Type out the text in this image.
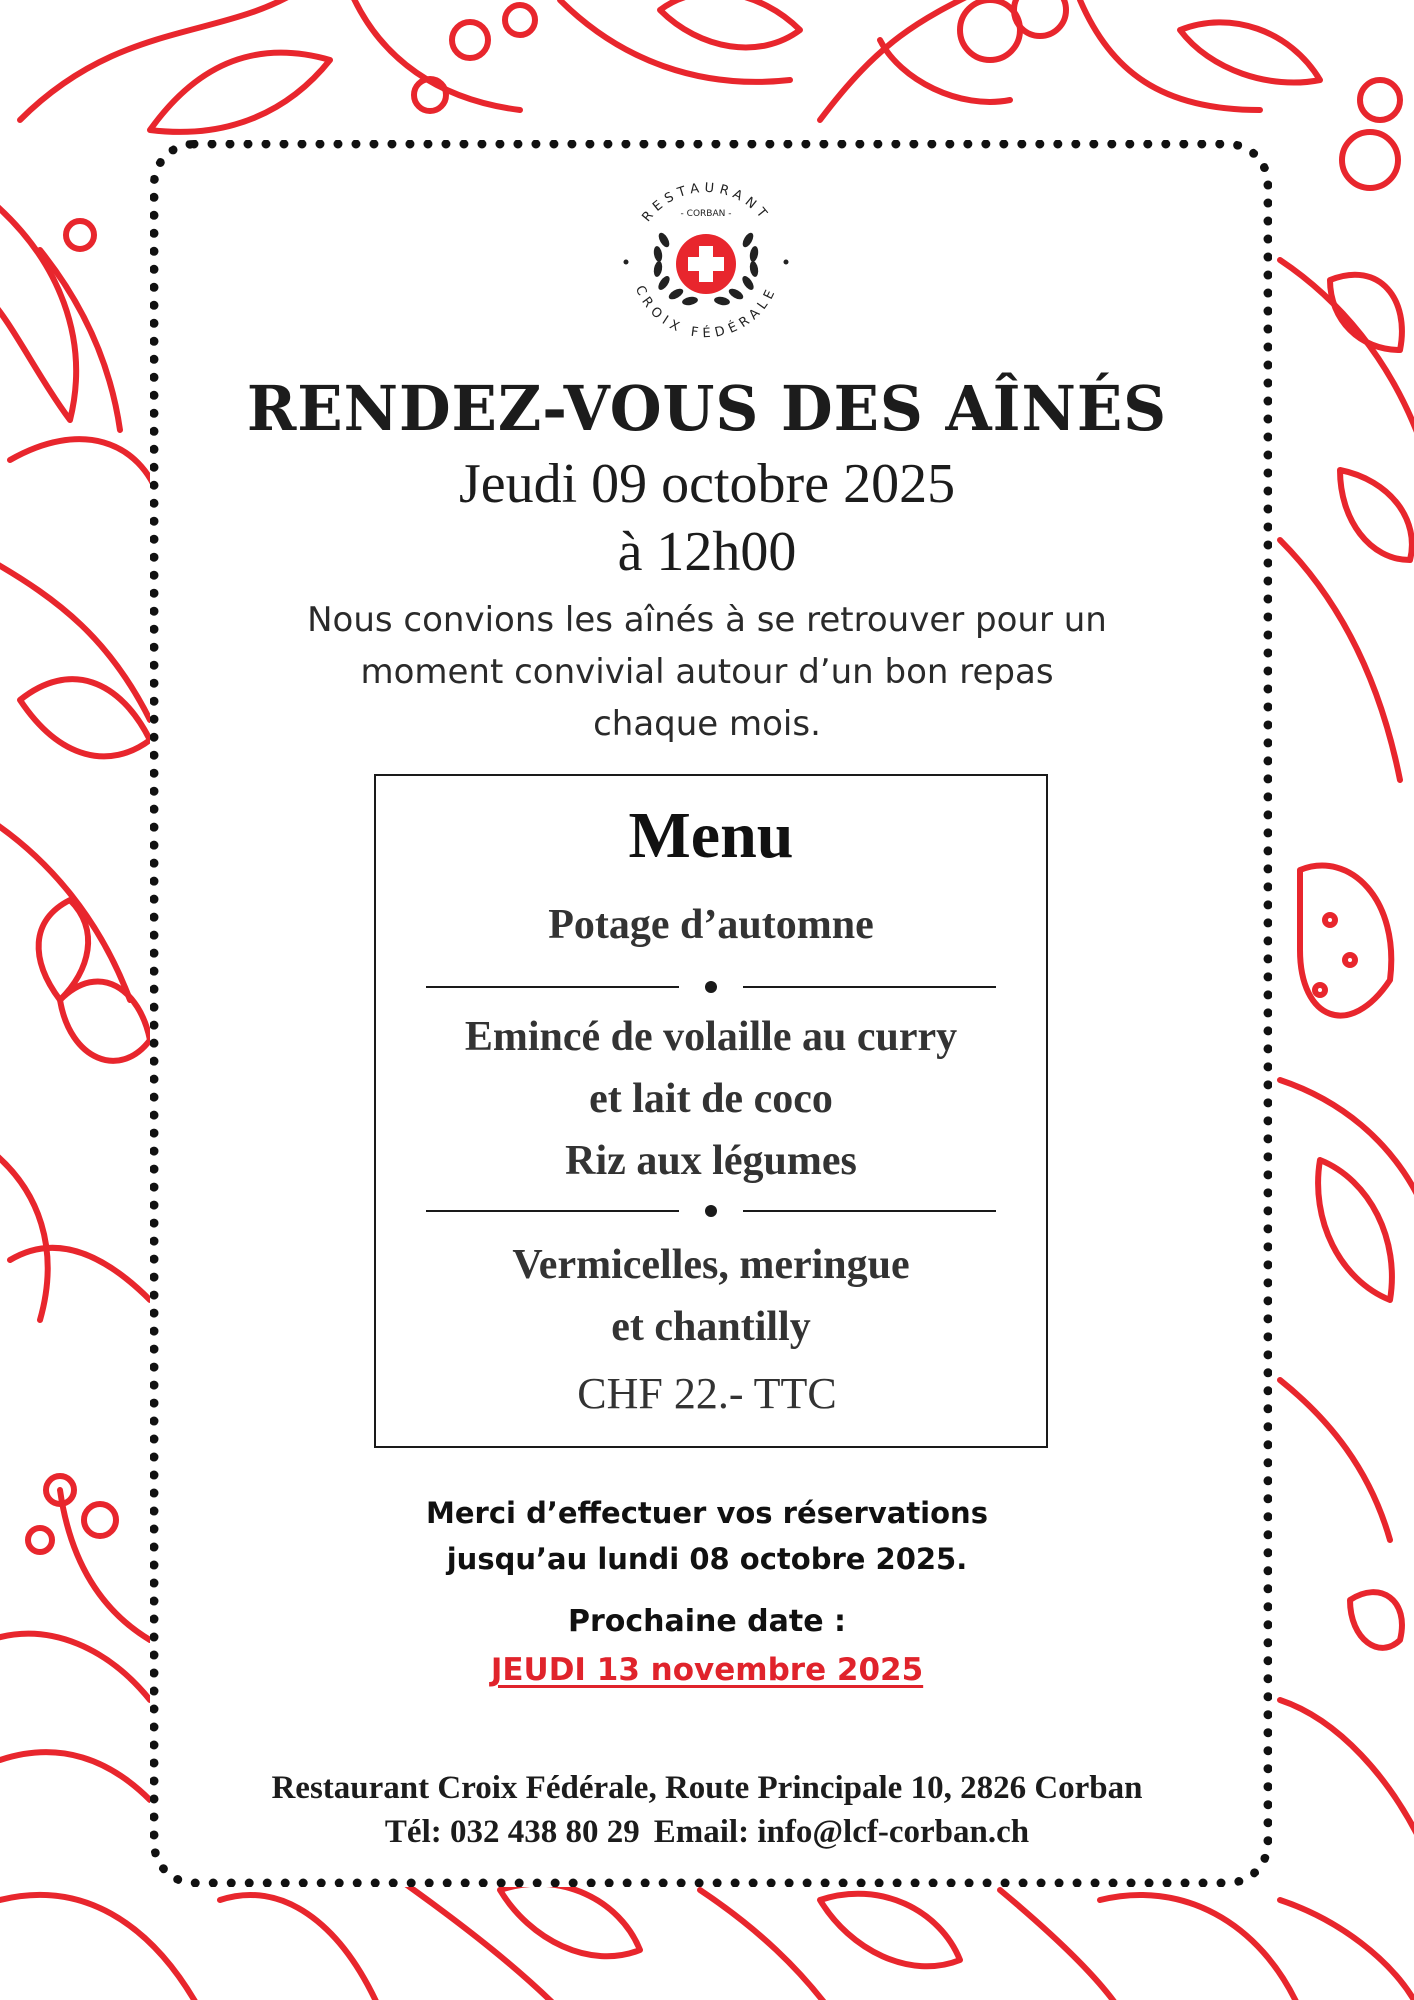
RESTAURANT
CROIX FÉDÉRALE
- CORBAN -
RENDEZ-VOUS DES AÎNÉS
Jeudi 09 octobre 2025
à 12h00
Nous convions les aînés à se retrouver pour un
moment convivial autour d’un bon repas
chaque mois.
Menu
Potage d’automne
Emincé de volaille au curry
et lait de coco
Riz aux légumes
Vermicelles, meringue
et chantilly
CHF 22.- TTC
Merci d’effectuer vos réservations
jusqu’au lundi 08 octobre 2025.
Prochaine date :
JEUDI 13 novembre 2025
Restaurant Croix Fédérale, Route Principale 10, 2826 Corban
Tél: 032 438 80 29 Email: info@lcf-corban.ch
